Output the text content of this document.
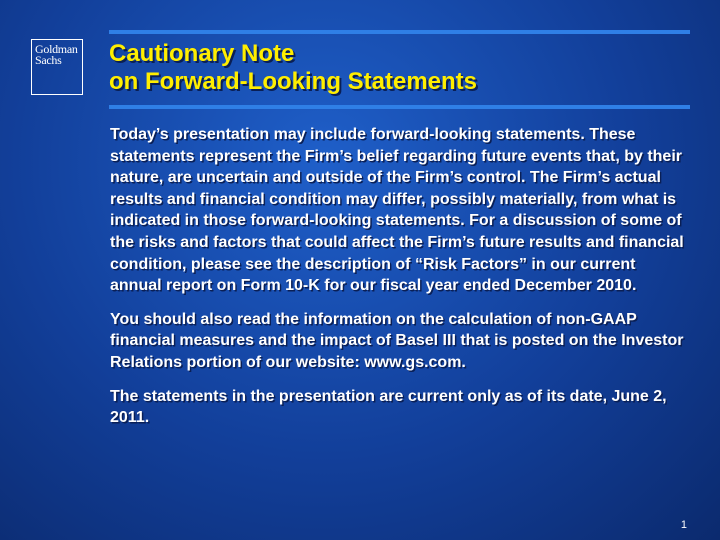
Goldman
Sachs	Cautionary Note
on Forward-Looking Statements

Today’s presentation may include forward-looking statements. These statements represent the Firm’s belief regarding future events that, by their nature, are uncertain and outside of the Firm’s control. The Firm’s actual results and financial condition may differ, possibly materially, from what is indicated in those forward-looking statements. For a discussion of some of the risks and factors that could affect the Firm’s future results and financial condition, please see the description of “Risk Factors” in our current annual report on Form 10-K for our fiscal year ended December 2010.

You should also read the information on the calculation of non-GAAP financial measures and the impact of Basel III that is posted on the Investor Relations portion of our website: www.gs.com.

The statements in the presentation are current only as of its date, June 2, 2011.

1
